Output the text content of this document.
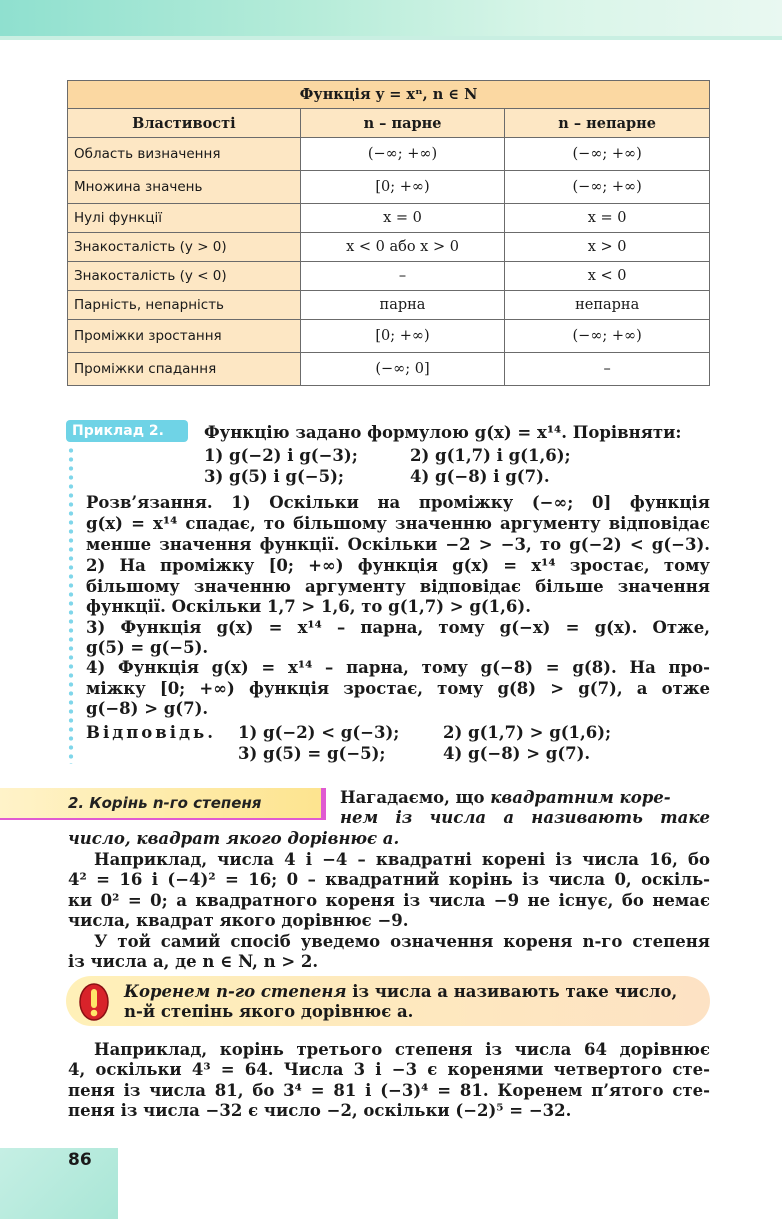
Функція y = xⁿ, n ∈ N		
Властивості	n – парне	n – непарне
Область визначення	(−∞; +∞)	(−∞; +∞)
Множина значень	[0; +∞)	(−∞; +∞)
Нулі функції	x = 0	x = 0
Знакосталість (y > 0)	x < 0 або x > 0	x > 0
Знакосталість (y < 0)	–	x < 0
Парність, непарність	парна	непарна
Проміжки зростання	[0; +∞)	(−∞; +∞)
Проміжки спадання	(−∞; 0]	–
Приклад 2.	Функцію задано формулою g(x) = x¹⁴. Порівняти:
1) g(−2) і g(−3);	2) g(1,7) і g(1,6);
3) g(5) і g(−5);	4) g(−8) і g(7).
Розв’язання. 1) Оскільки на проміжку (−∞; 0] функція
g(x) = x¹⁴ спадає, то більшому значенню аргументу відповідає
менше значення функції. Оскільки −2 > −3, то g(−2) < g(−3).
2) На проміжку [0; +∞) функція g(x) = x¹⁴ зростає, тому
більшому значенню аргументу відповідає більше значення
функції. Оскільки 1,7 > 1,6, то g(1,7) > g(1,6).
3) Функція g(x) = x¹⁴ – парна, тому g(−x) = g(x). Отже,
g(5) = g(−5).
4) Функція g(x) = x¹⁴ – парна, тому g(−8) = g(8). На про-
міжку [0; +∞) функція зростає, тому g(8) > g(7), а отже
g(−8) > g(7).
Відповідь. 1) g(−2) < g(−3);	2) g(1,7) > g(1,6);
3) g(5) = g(−5);	4) g(−8) > g(7).
2. Корінь n-го степеня	Нагадаємо, що квадратним коре-
нем із числа a називають таке
число, квадрат якого дорівнює a.
Наприклад, числа 4 і −4 – квадратні корені із числа 16, бо
4² = 16 і (−4)² = 16; 0 – квадратний корінь із числа 0, оскіль-
ки 0² = 0; а квадратного кореня із числа −9 не існує, бо немає
числа, квадрат якого дорівнює −9.
У той самий спосіб уведемо означення кореня n-го степеня
із числа a, де n ∈ N, n > 2.
Коренем n-го степеня із числа a називають таке число,
n-й степінь якого дорівнює a.
Наприклад, корінь третього степеня із числа 64 дорівнює
4, оскільки 4³ = 64. Числа 3 і −3 є коренями четвертого сте-
пеня із числа 81, бо 3⁴ = 81 і (−3)⁴ = 81. Коренем п’ятого сте-
пеня із числа −32 є число −2, оскільки (−2)⁵ = −32.
86
